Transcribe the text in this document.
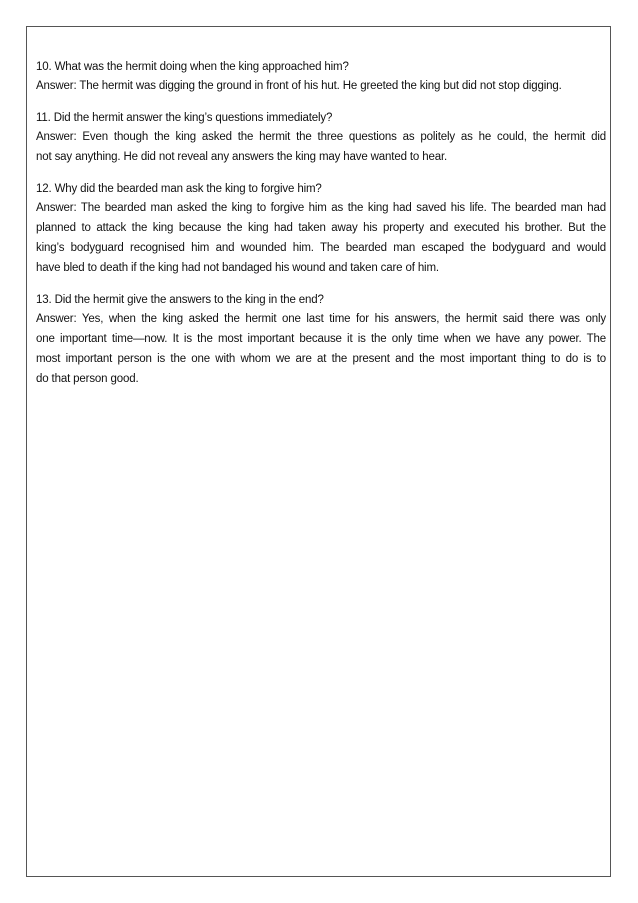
10. What was the hermit doing when the king approached him?
Answer: The hermit was digging the ground in front of his hut. He greeted the king but did not stop digging.
11. Did the hermit answer the king’s questions immediately?
Answer: Even though the king asked the hermit the three questions as politely as he could, the hermit did
not say anything. He did not reveal any answers the king may have wanted to hear.
12. Why did the bearded man ask the king to forgive him?
Answer: The bearded man asked the king to forgive him as the king had saved his life. The bearded man had
planned to attack the king because the king had taken away his property and executed his brother. But the
king’s bodyguard recognised him and wounded him. The bearded man escaped the bodyguard and would
have bled to death if the king had not bandaged his wound and taken care of him.
13. Did the hermit give the answers to the king in the end?
Answer: Yes, when the king asked the hermit one last time for his answers, the hermit said there was only
one important time—now. It is the most important because it is the only time when we have any power. The
most important person is the one with whom we are at the present and the most important thing to do is to
do that person good.
